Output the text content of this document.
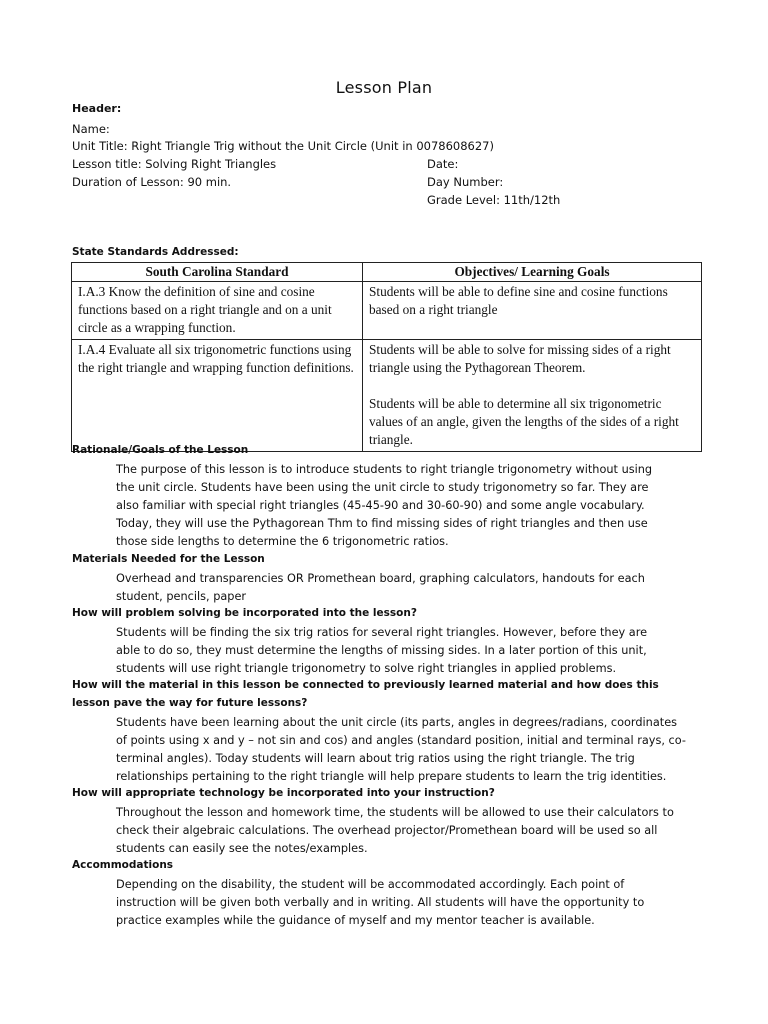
Lesson Plan
Header:
Name:
Unit Title: Right Triangle Trig without the Unit Circle (Unit in 0078608627)
Lesson title: Solving Right Triangles
Duration of Lesson: 90 min.
Date:
Day Number:
Grade Level: 11th/12th
State Standards Addressed:
South Carolina Standard	Objectives/ Learning Goals
I.A.3 Know the definition of sine and cosine functions based on a right triangle and on a unit circle as a wrapping function.	Students will be able to define sine and cosine functions based on a right triangle

I.A.4 Evaluate all six trigonometric functions using the right triangle and wrapping function definitions.	Students will be able to solve for missing sides of a right triangle using the Pythagorean Theorem.

Students will be able to determine all six trigonometric values of an angle, given the lengths of the sides of a right triangle.

Rationale/Goals of the Lesson
The purpose of this lesson is to introduce students to right triangle trigonometry without using
the unit circle. Students have been using the unit circle to study trigonometry so far. They are
also familiar with special right triangles (45-45-90 and 30-60-90) and some angle vocabulary.
Today, they will use the Pythagorean Thm to find missing sides of right triangles and then use
those side lengths to determine the 6 trigonometric ratios.
Materials Needed for the Lesson
Overhead and transparencies OR Promethean board, graphing calculators, handouts for each
student, pencils, paper
How will problem solving be incorporated into the lesson?
Students will be finding the six trig ratios for several right triangles. However, before they are
able to do so, they must determine the lengths of missing sides. In a later portion of this unit,
students will use right triangle trigonometry to solve right triangles in applied problems.
How will the material in this lesson be connected to previously learned material and how does this
lesson pave the way for future lessons?
Students have been learning about the unit circle (its parts, angles in degrees/radians, coordinates
of points using x and y – not sin and cos) and angles (standard position, initial and terminal rays, co-
terminal angles). Today students will learn about trig ratios using the right triangle. The trig
relationships pertaining to the right triangle will help prepare students to learn the trig identities.
How will appropriate technology be incorporated into your instruction?
Throughout the lesson and homework time, the students will be allowed to use their calculators to
check their algebraic calculations. The overhead projector/Promethean board will be used so all
students can easily see the notes/examples.
Accommodations
Depending on the disability, the student will be accommodated accordingly. Each point of
instruction will be given both verbally and in writing. All students will have the opportunity to
practice examples while the guidance of myself and my mentor teacher is available.
